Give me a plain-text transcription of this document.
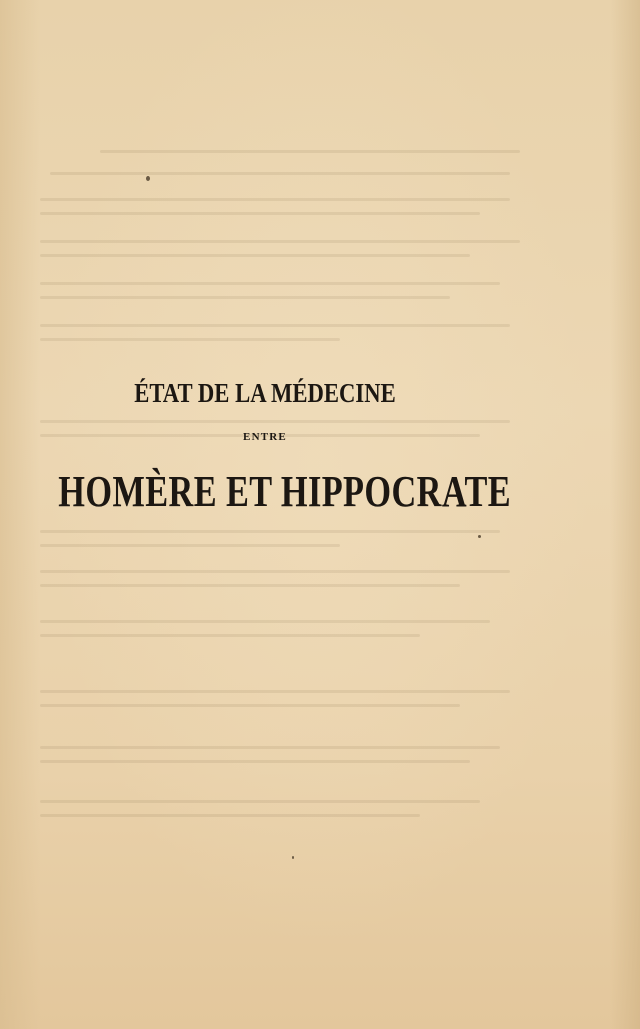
ÉTAT DE LA MÉDECINE
ENTRE
HOMÈRE ET HIPPOCRATE
